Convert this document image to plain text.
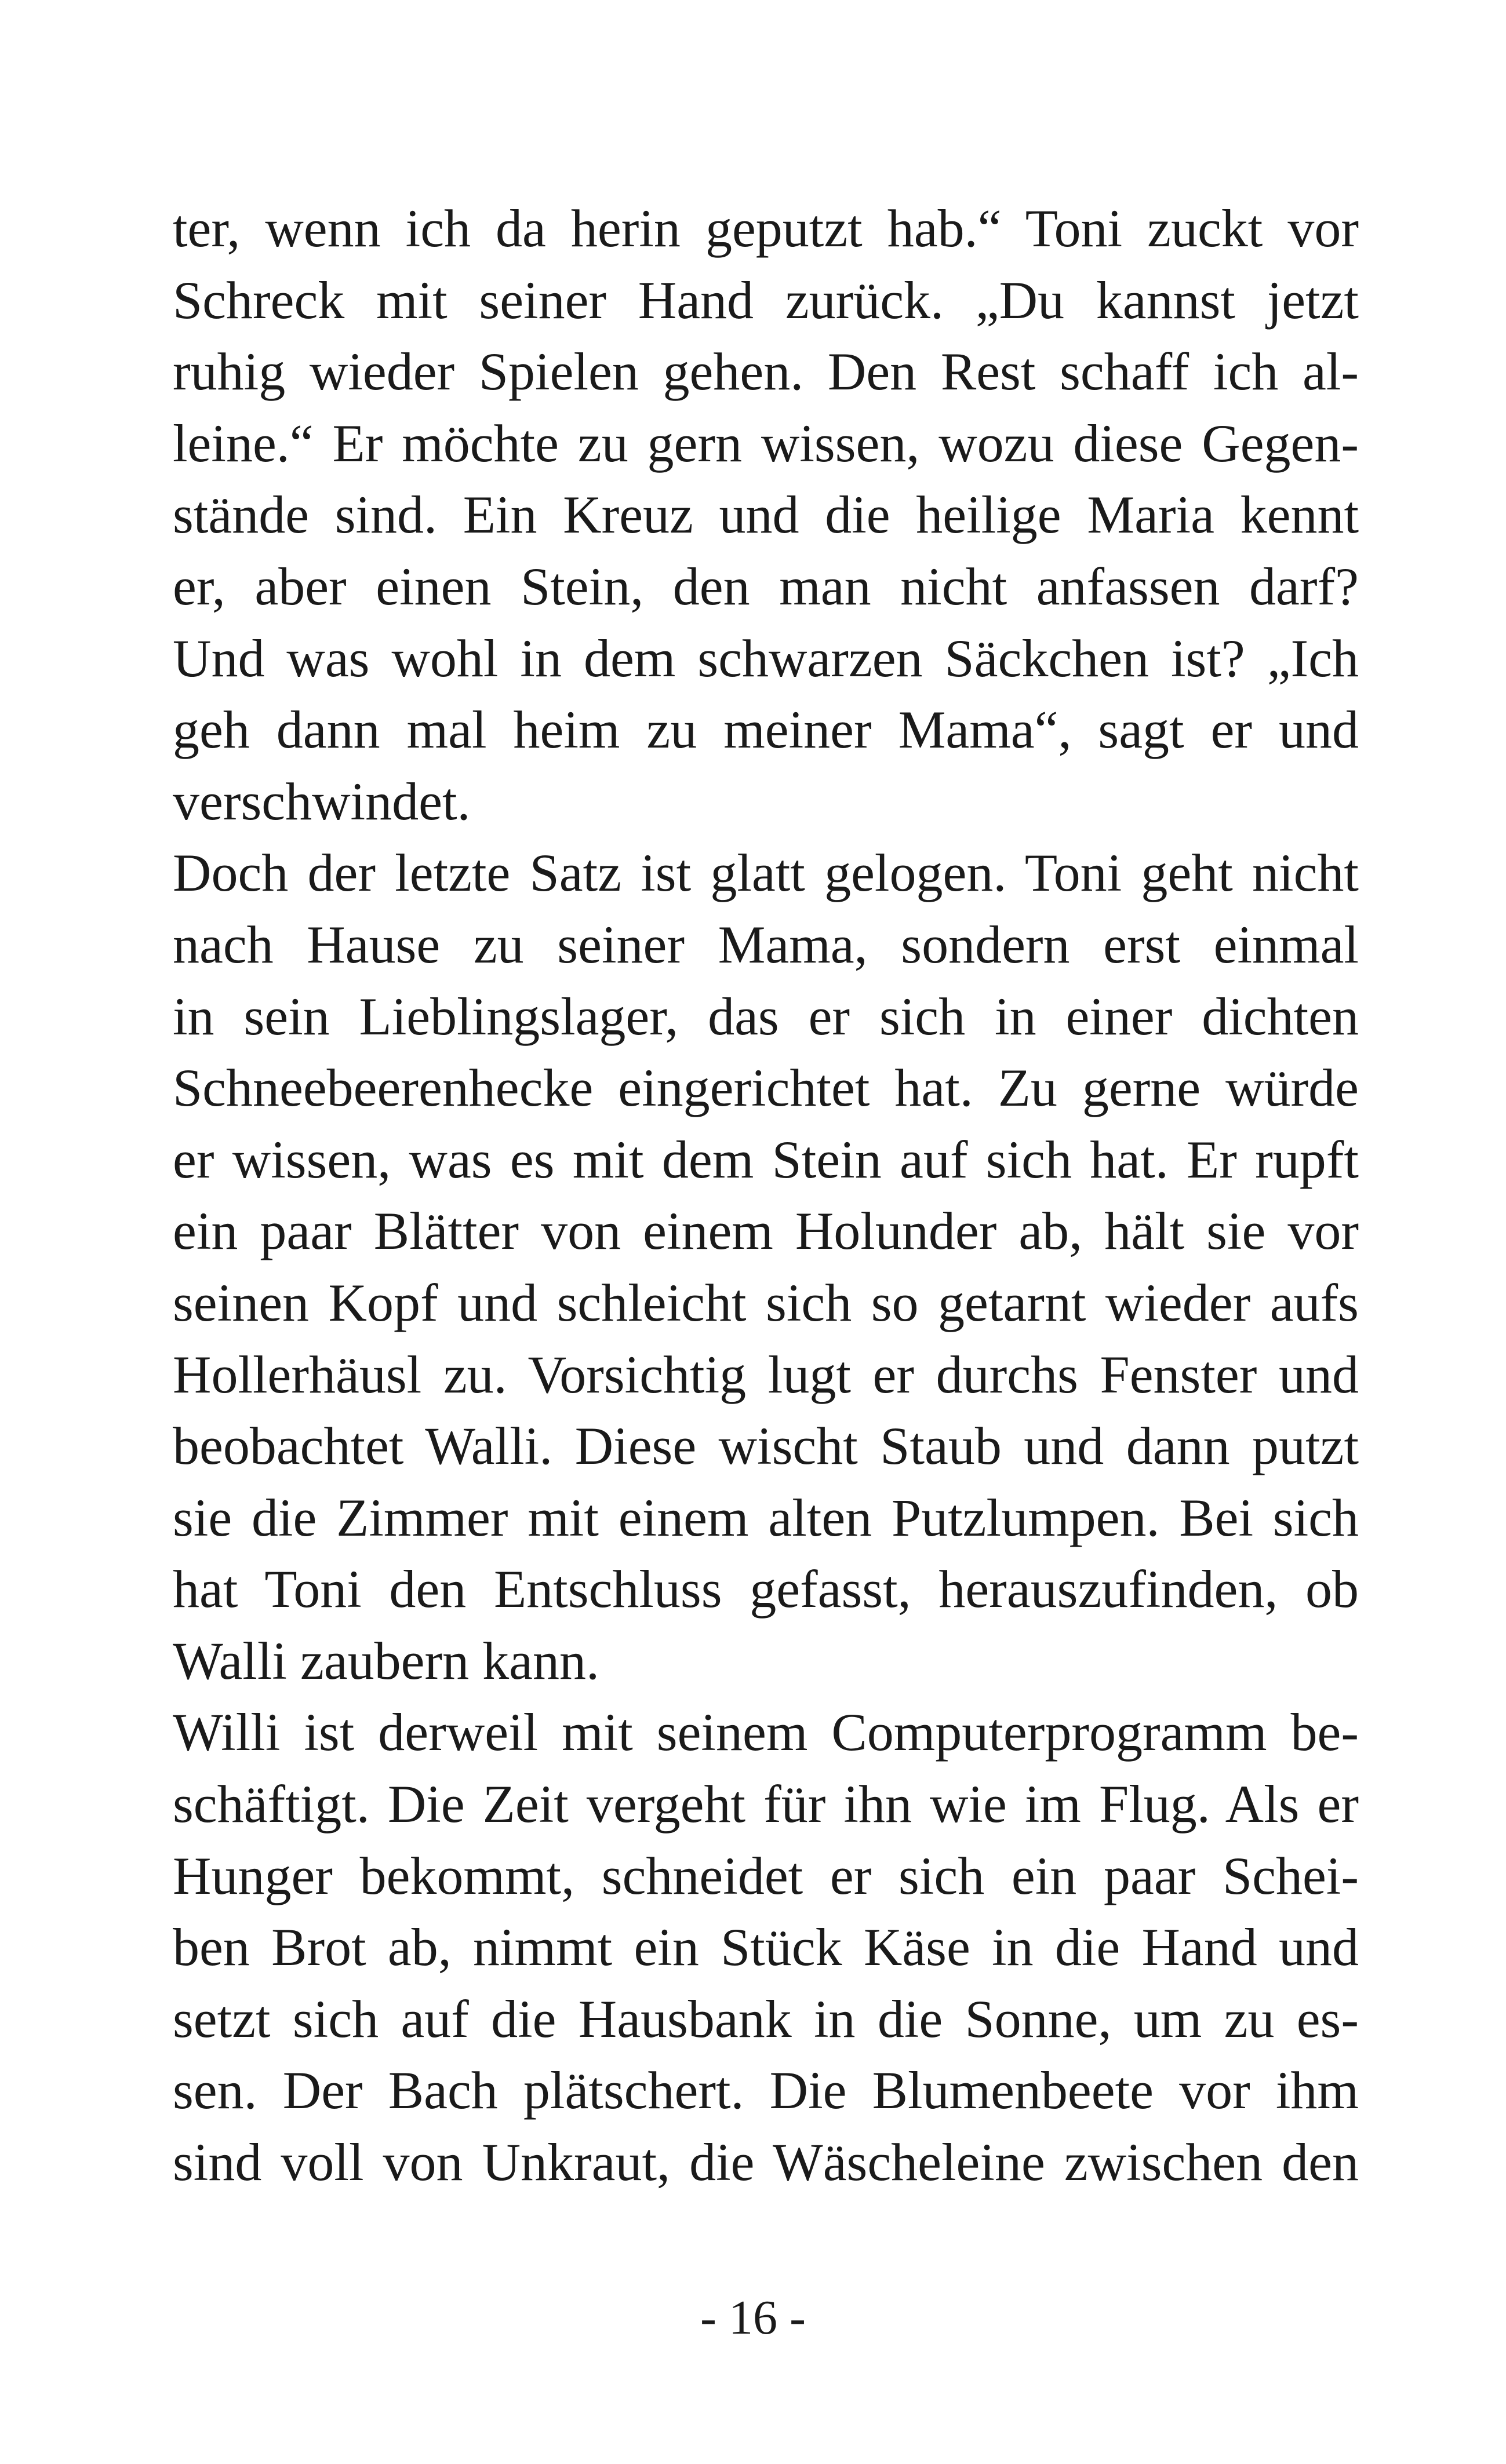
ter, wenn ich da herin geputzt hab.“ Toni zuckt vor
Schreck mit seiner Hand zurück. „Du kannst jetzt
ruhig wieder Spielen gehen. Den Rest schaff ich al-
leine.“ Er möchte zu gern wissen, wozu diese Gegen-
stände sind. Ein Kreuz und die heilige Maria kennt
er, aber einen Stein, den man nicht anfassen darf?
Und was wohl in dem schwarzen Säckchen ist? „Ich
geh dann mal heim zu meiner Mama“, sagt er und
verschwindet.
Doch der letzte Satz ist glatt gelogen. Toni geht nicht
nach Hause zu seiner Mama, sondern erst einmal
in sein Lieblingslager, das er sich in einer dichten
Schneebeerenhecke eingerichtet hat. Zu gerne würde
er wissen, was es mit dem Stein auf sich hat. Er rupft
ein paar Blätter von einem Holunder ab, hält sie vor
seinen Kopf und schleicht sich so getarnt wieder aufs
Hollerhäusl zu. Vorsichtig lugt er durchs Fenster und
beobachtet Walli. Diese wischt Staub und dann putzt
sie die Zimmer mit einem alten Putzlumpen. Bei sich
hat Toni den Entschluss gefasst, herauszufinden, ob
Walli zaubern kann.
Willi ist derweil mit seinem Computerprogramm be-
schäftigt. Die Zeit vergeht für ihn wie im Flug. Als er
Hunger bekommt, schneidet er sich ein paar Schei-
ben Brot ab, nimmt ein Stück Käse in die Hand und
setzt sich auf die Hausbank in die Sonne, um zu es-
sen. Der Bach plätschert. Die Blumenbeete vor ihm
sind voll von Unkraut, die Wäscheleine zwischen den
- 16 -
